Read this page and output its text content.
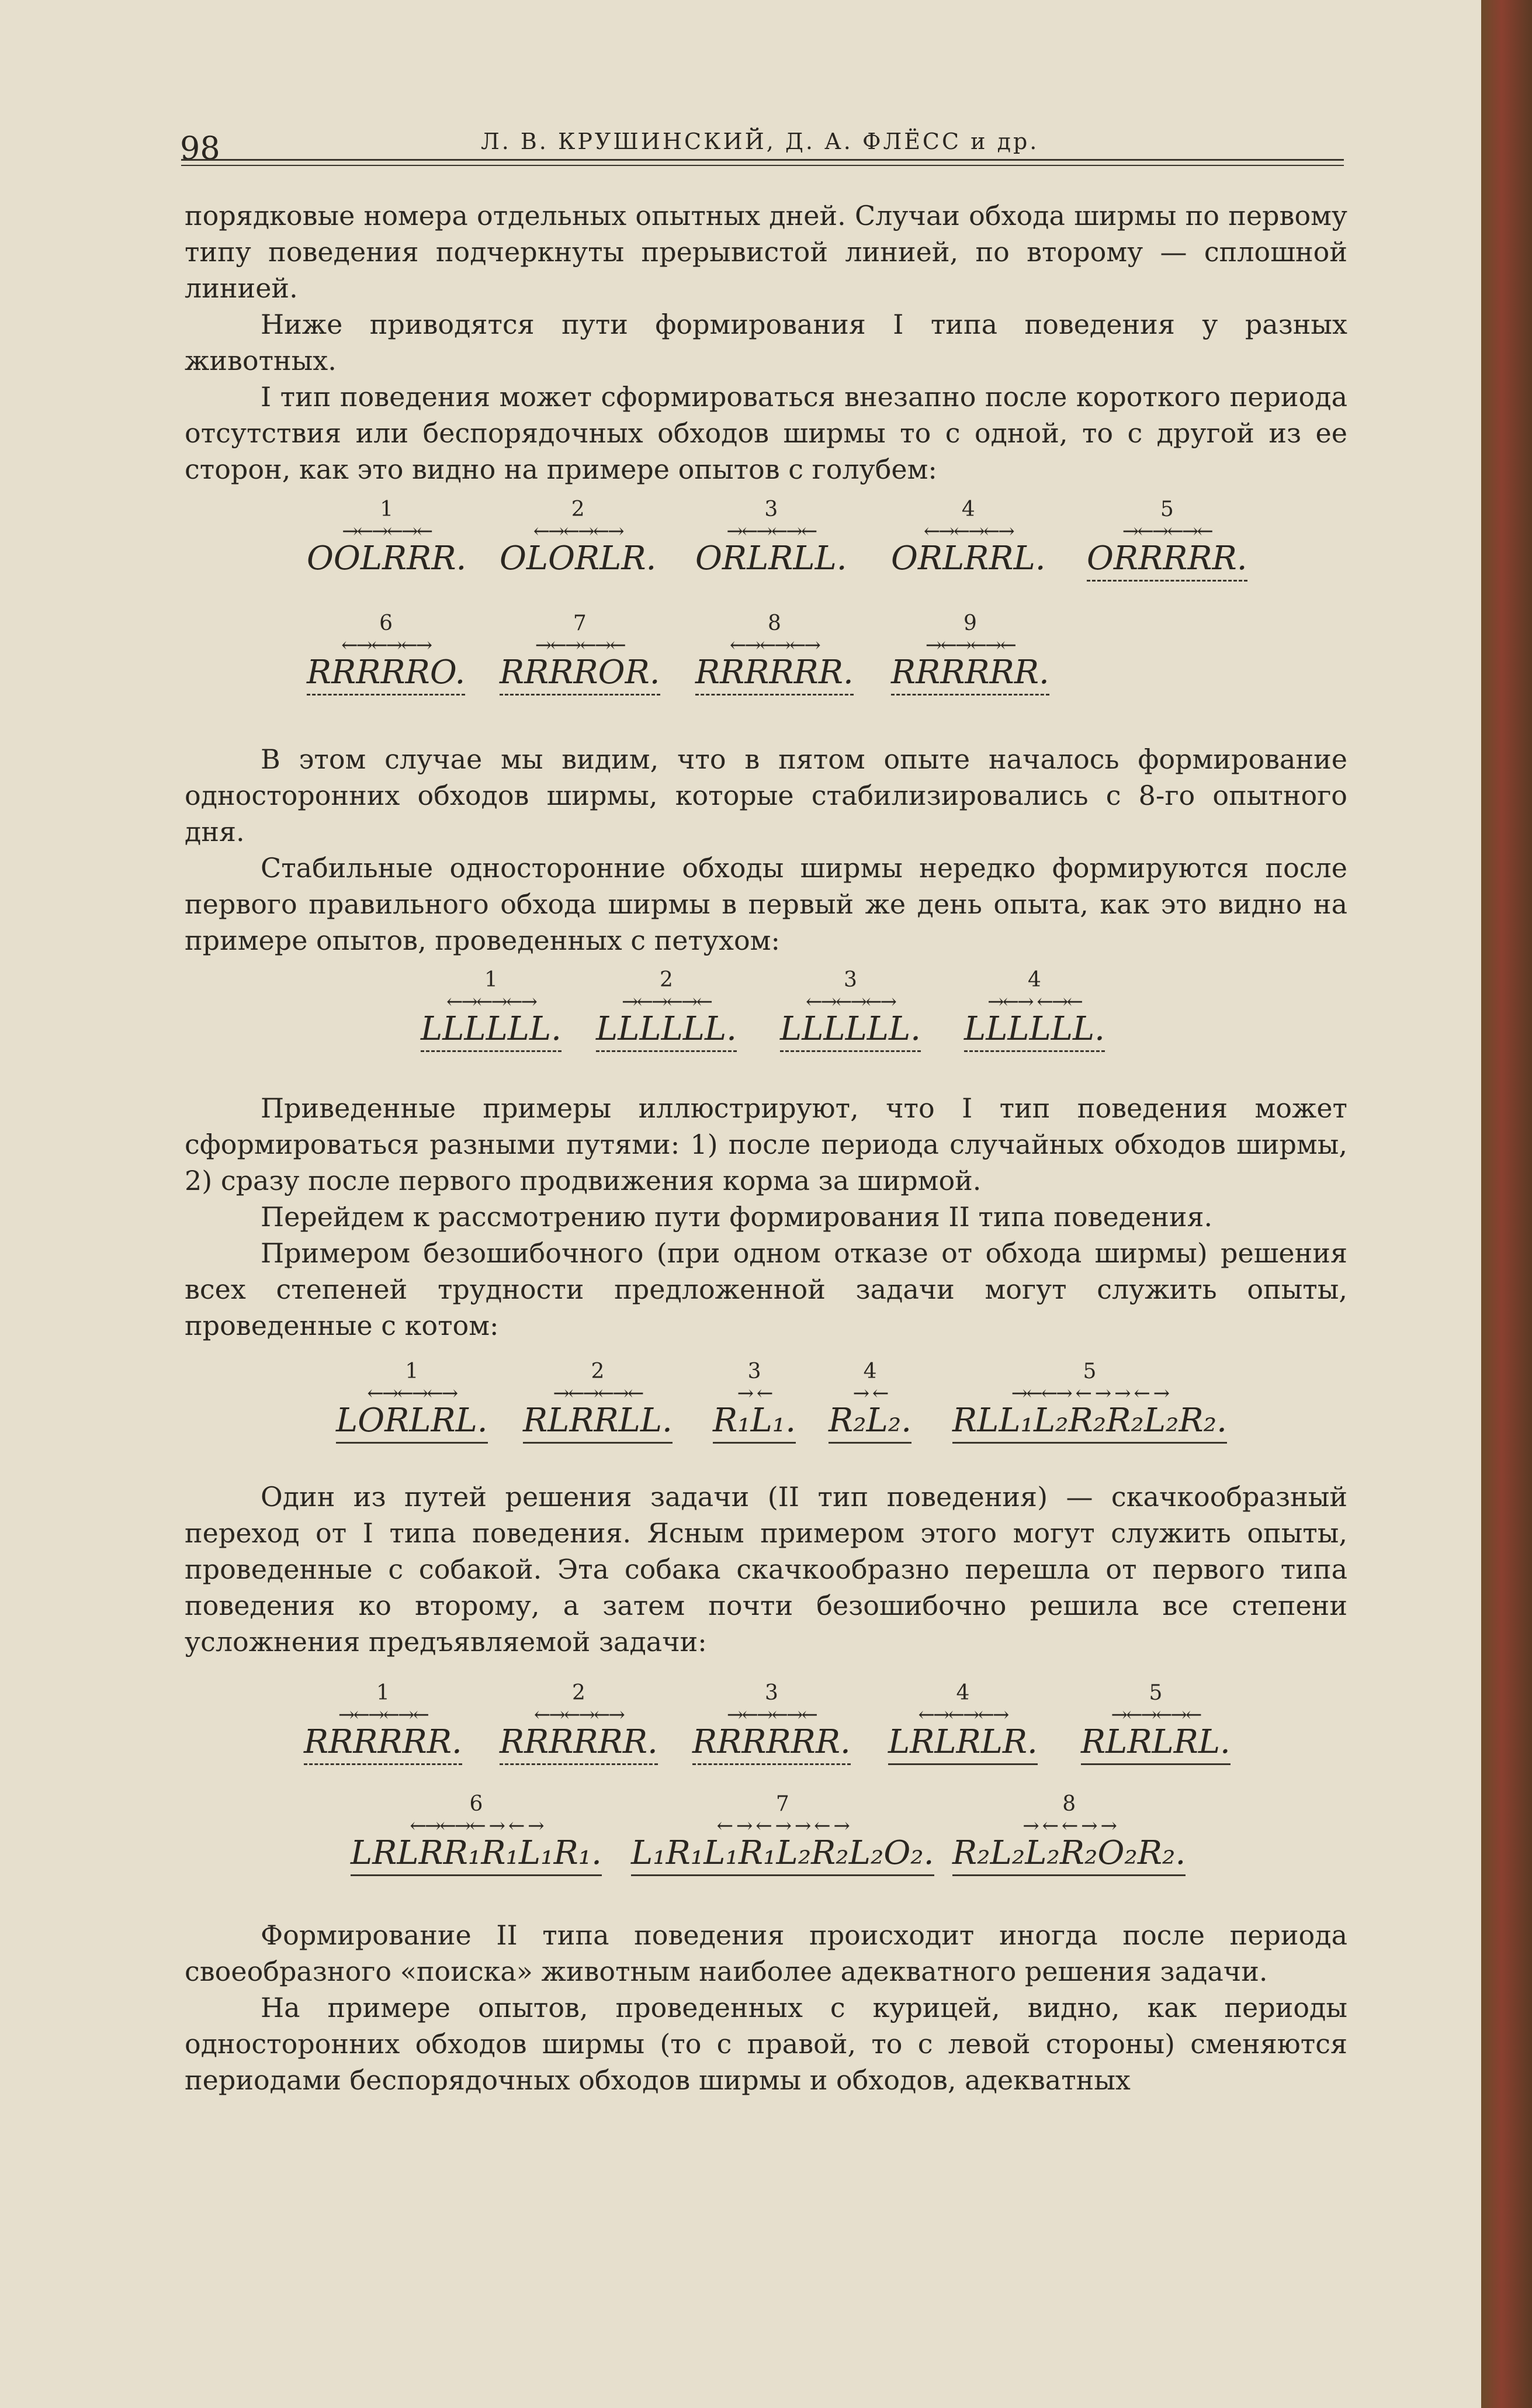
98	Л. В. КРУШИНСКИЙ, Д. А. ФЛЁСС и др.

порядковые номера отдельных опытных дней. Случаи обхода ширмы по первому типу поведения подчеркнуты прерывистой линией, по второму — сплошной линией.

Ниже приводятся пути формирования I типа поведения у разных животных.

I тип поведения может сформироваться внезапно после короткого периода отсутствия или беспорядочных обходов ширмы то с одной, то с другой из ее сторон, как это видно на примере опытов с голубем:

1
→←→←→←
OOLRRR.
2
←→←→←→
OLORLR.
3
→←→←→←
ORLRLL.
4
←→←→←→
ORLRRL.
5
→←→←→←
ORRRRR.
6
←→←→←→
RRRRRO.
7
→←→←→←
RRRROR.
8
←→←→←→
RRRRRR.
9
→←→←→←
RRRRRR.

В этом случае мы видим, что в пятом опыте началось формирование односторонних обходов ширмы, которые стабилизировались с 8-го опытного дня.

Стабильные односторонние обходы ширмы нередко формируются после первого правильного обхода ширмы в первый же день опыта, как это видно на примере опытов, проведенных с петухом:

1
←→←→←→
LLLLLL.
2
→←→←→←
LLLLLL.
3
←→←→←→
LLLLLL.
4
→←→ ←→←
LLLLLL.

Приведенные примеры иллюстрируют, что I тип поведения может сформироваться разными путями: 1) после периода случайных обходов ширмы, 2) сразу после первого продвижения корма за ширмой.

Перейдем к рассмотрению пути формирования II типа поведения.

Примером безошибочного (при одном отказе от обхода ширмы) решения всех степеней трудности предложенной задачи могут служить опыты, проведенные с котом:

1
←→←→←→
LORLRL.
2
→←→←→←
RLRRLL.
3
→ ←
R₁L₁.
4
→ ←
R₂L₂.
5
→←←→ ← → → ← →
RLL₁L₂R₂R₂L₂R₂.

Один из путей решения задачи (II тип поведения) — скачкообразный переход от I типа поведения. Ясным примером этого могут служить опыты, проведенные с собакой. Эта собака скачкообразно перешла от первого типа поведения ко второму, а затем почти безошибочно решила все степени усложнения предъявляемой задачи:

1
→←→←→←
RRRRRR.
2
←→←→←→
RRRRRR.
3
→←→←→←
RRRRRR.
4
←→←→←→
LRLRLR.
5
→←→←→←
RLRLRL.
6
←→←→← → ← →
LRLRR₁R₁L₁R₁.
7
← → ← → → ← →
L₁R₁L₁R₁L₂R₂L₂O₂.
8
→ ← ← → →
R₂L₂L₂R₂O₂R₂.

Формирование II типа поведения происходит иногда после периода своеобразного «поиска» животным наиболее адекватного решения задачи.

На примере опытов, проведенных с курицей, видно, как периоды односторонних обходов ширмы (то с правой, то с левой стороны) сменяются периодами беспорядочных обходов ширмы и обходов, адекватных
